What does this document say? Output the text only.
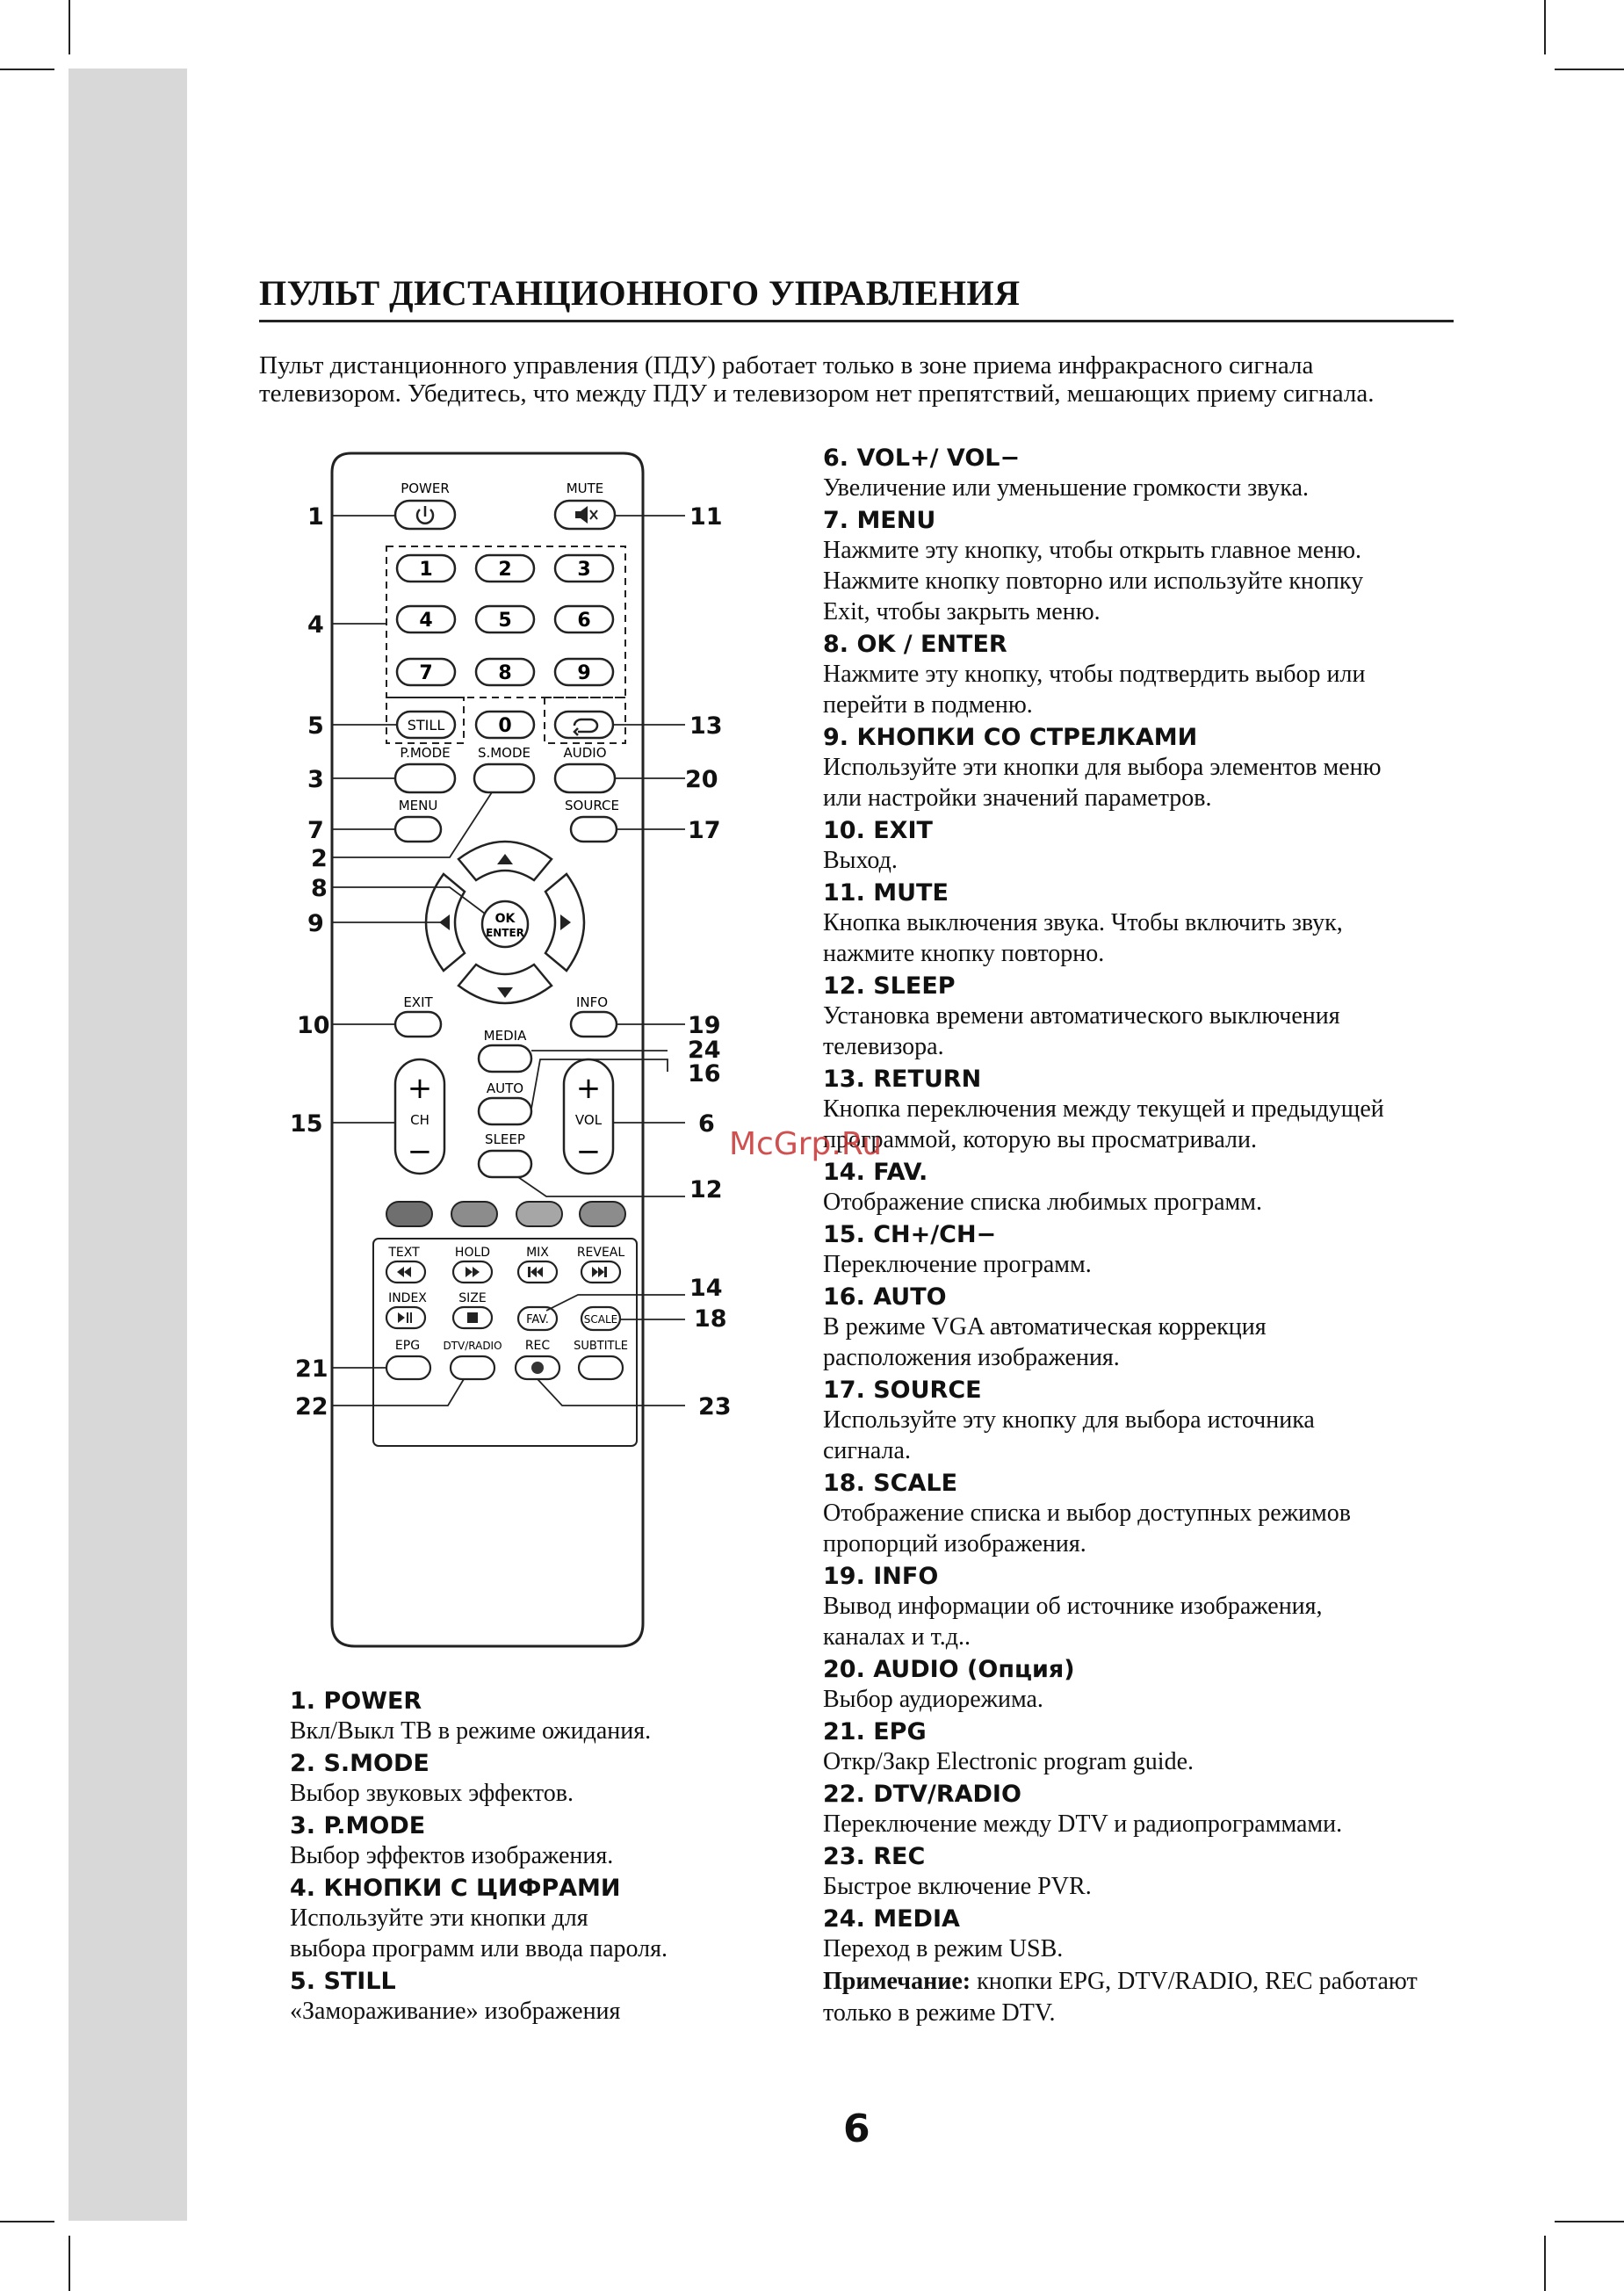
ПУЛЬТ ДИСТАНЦИОННОГО УПРАВЛЕНИЯ

Пульт дистанционного управления (ПДУ) работает только в зоне приема инфракрасного сигнала телевизором. Убедитесь, что между ПДУ и телевизором нет препятствий, мешающих приему сигнала.

POWER	MUTE
1	2	3
4	5	6
7	8	9
STILL	0
P.MODE S.MODE AUDIO
MENU	SOURCE
OK
ENTER
EXIT	INFO
MEDIA
AUTO
SLEEP
+
CH
−
+
VOL
−
TEXT	HOLD	MIX REVEAL
INDEX	SIZE
FAV.	SCALE
EPG DTV/RADIO REC SUBTITLE
1	11
4
5	13
3	20
7	17
2
8
9
10	19
24
16
15	6
12
14
18
21
22	23
6. VOL+/ VOL−
Увеличение или уменьшение громкости звука.
7. MENU
Нажмите эту кнопку, чтобы открыть главное меню.
Нажмите кнопку повторно или используйте кнопку
Exit, чтобы закрыть меню.
8. OK / ENTER
Нажмите эту кнопку, чтобы подтвердить выбор или
перейти в подменю.
9. КНОПКИ СО СТРЕЛКАМИ
Используйте эти кнопки для выбора элементов меню
или настройки значений параметров.
10. EXIT
Выход.
11. MUTE
Кнопка выключения звука. Чтобы включить звук,
нажмите кнопку повторно.
12. SLEEP
Установка времени автоматического выключения
телевизора.
13. RETURN
Кнопка переключения между текущей и предыдущей
программой, которую вы просматривали.
14. FAV.
Отображение списка любимых программ.
15. CH+/CH−
Переключение программ.
16. AUTO
В режиме VGA автоматическая коррекция
расположения изображения.
17. SOURCE
Используйте эту кнопку для выбора источника
сигнала.
18. SCALE
Отображение списка и выбор доступных режимов
пропорций изображения.
19. INFO
Вывод информации об источнике изображения,
каналах и т.д..
20. AUDIO (Опция)
Выбор аудиорежима.
21. EPG
Откр/Закр Electronic program guide.
22. DTV/RADIO
Переключение между DTV и радиопрограммами.
23. REC
Быстрое включение PVR.
24. MEDIA
Переход в режим USB.
1. POWER
Вкл/Выкл ТВ в режиме ожидания.
2. S.MODE
Выбор звуковых эффектов.
3. P.MODE
Выбор эффектов изображения.
4. КНОПКИ С ЦИФРАМИ
Используйте эти кнопки для
выбора программ или ввода пароля.
5. STILL
«Замораживание» изображения

Примечание: кнопки EPG, DTV/RADIO, REC работают только в режиме DTV.

McGrp.Ru

6
